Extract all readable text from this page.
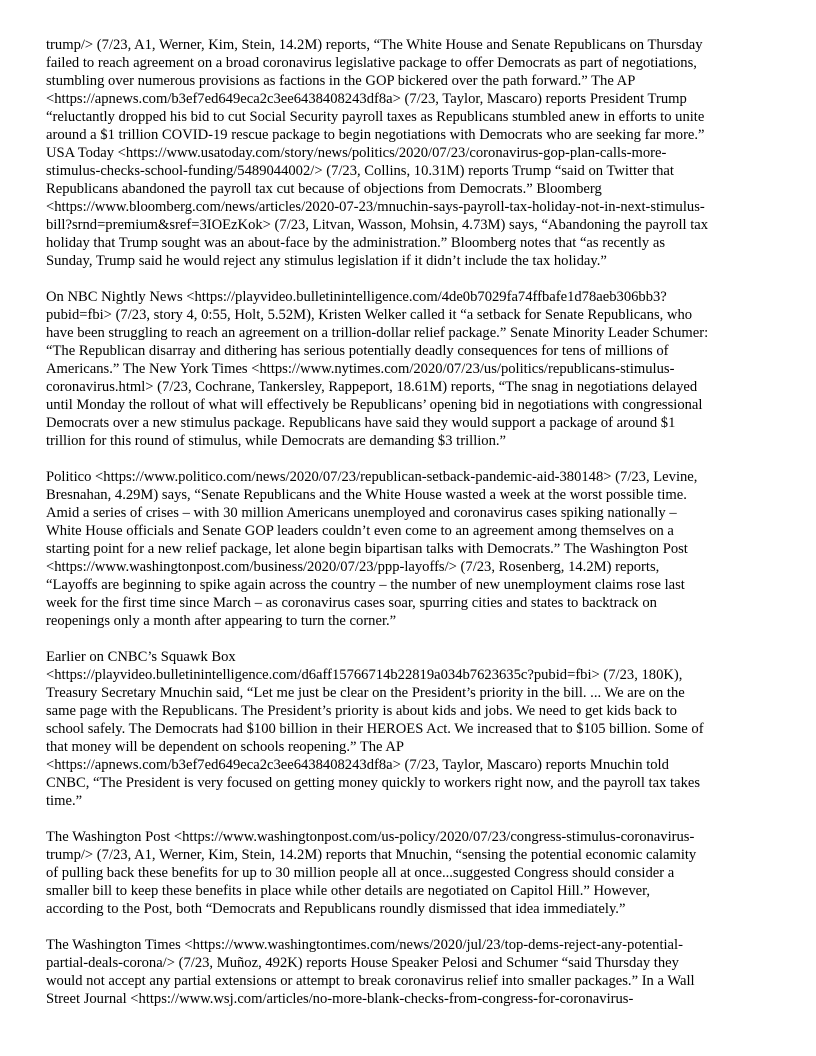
trump/> (7/23, A1, Werner, Kim, Stein, 14.2M) reports, “The White House and Senate Republicans on Thursday
failed to reach agreement on a broad coronavirus legislative package to offer Democrats as part of negotiations,
stumbling over numerous provisions as factions in the GOP bickered over the path forward.” The AP
<https://apnews.com/b3ef7ed649eca2c3ee6438408243df8a> (7/23, Taylor, Mascaro) reports President Trump
“reluctantly dropped his bid to cut Social Security payroll taxes as Republicans stumbled anew in efforts to unite
around a $1 trillion COVID-19 rescue package to begin negotiations with Democrats who are seeking far more.”
USA Today <https://www.usatoday.com/story/news/politics/2020/07/23/coronavirus-gop-plan-calls-more-
stimulus-checks-school-funding/5489044002/> (7/23, Collins, 10.31M) reports Trump “said on Twitter that
Republicans abandoned the payroll tax cut because of objections from Democrats.” Bloomberg
<https://www.bloomberg.com/news/articles/2020-07-23/mnuchin-says-payroll-tax-holiday-not-in-next-stimulus-
bill?srnd=premium&sref=3IOEzKok> (7/23, Litvan, Wasson, Mohsin, 4.73M) says, “Abandoning the payroll tax
holiday that Trump sought was an about-face by the administration.” Bloomberg notes that “as recently as
Sunday, Trump said he would reject any stimulus legislation if it didn’t include the tax holiday.”

On NBC Nightly News <https://playvideo.bulletinintelligence.com/4de0b7029fa74ffbafe1d78aeb306bb3?
pubid=fbi> (7/23, story 4, 0:55, Holt, 5.52M), Kristen Welker called it “a setback for Senate Republicans, who
have been struggling to reach an agreement on a trillion-dollar relief package.” Senate Minority Leader Schumer:
“The Republican disarray and dithering has serious potentially deadly consequences for tens of millions of
Americans.” The New York Times <https://www.nytimes.com/2020/07/23/us/politics/republicans-stimulus-
coronavirus.html> (7/23, Cochrane, Tankersley, Rappeport, 18.61M) reports, “The snag in negotiations delayed
until Monday the rollout of what will effectively be Republicans’ opening bid in negotiations with congressional
Democrats over a new stimulus package. Republicans have said they would support a package of around $1
trillion for this round of stimulus, while Democrats are demanding $3 trillion.”

Politico <https://www.politico.com/news/2020/07/23/republican-setback-pandemic-aid-380148> (7/23, Levine,
Bresnahan, 4.29M) says, “Senate Republicans and the White House wasted a week at the worst possible time.
Amid a series of crises – with 30 million Americans unemployed and coronavirus cases spiking nationally –
White House officials and Senate GOP leaders couldn’t even come to an agreement among themselves on a
starting point for a new relief package, let alone begin bipartisan talks with Democrats.” The Washington Post
<https://www.washingtonpost.com/business/2020/07/23/ppp-layoffs/> (7/23, Rosenberg, 14.2M) reports,
“Layoffs are beginning to spike again across the country – the number of new unemployment claims rose last
week for the first time since March – as coronavirus cases soar, spurring cities and states to backtrack on
reopenings only a month after appearing to turn the corner.”

Earlier on CNBC’s Squawk Box
<https://playvideo.bulletinintelligence.com/d6aff15766714b22819a034b7623635c?pubid=fbi> (7/23, 180K),
Treasury Secretary Mnuchin said, “Let me just be clear on the President’s priority in the bill. ... We are on the
same page with the Republicans. The President’s priority is about kids and jobs. We need to get kids back to
school safely. The Democrats had $100 billion in their HEROES Act. We increased that to $105 billion. Some of
that money will be dependent on schools reopening.” The AP
<https://apnews.com/b3ef7ed649eca2c3ee6438408243df8a> (7/23, Taylor, Mascaro) reports Mnuchin told
CNBC, “The President is very focused on getting money quickly to workers right now, and the payroll tax takes
time.”

The Washington Post <https://www.washingtonpost.com/us-policy/2020/07/23/congress-stimulus-coronavirus-
trump/> (7/23, A1, Werner, Kim, Stein, 14.2M) reports that Mnuchin, “sensing the potential economic calamity
of pulling back these benefits for up to 30 million people all at once...suggested Congress should consider a
smaller bill to keep these benefits in place while other details are negotiated on Capitol Hill.” However,
according to the Post, both “Democrats and Republicans roundly dismissed that idea immediately.”

The Washington Times <https://www.washingtontimes.com/news/2020/jul/23/top-dems-reject-any-potential-
partial-deals-corona/> (7/23, Muñoz, 492K) reports House Speaker Pelosi and Schumer “said Thursday they
would not accept any partial extensions or attempt to break coronavirus relief into smaller packages.” In a Wall
Street Journal <https://www.wsj.com/articles/no-more-blank-checks-from-congress-for-coronavirus-
